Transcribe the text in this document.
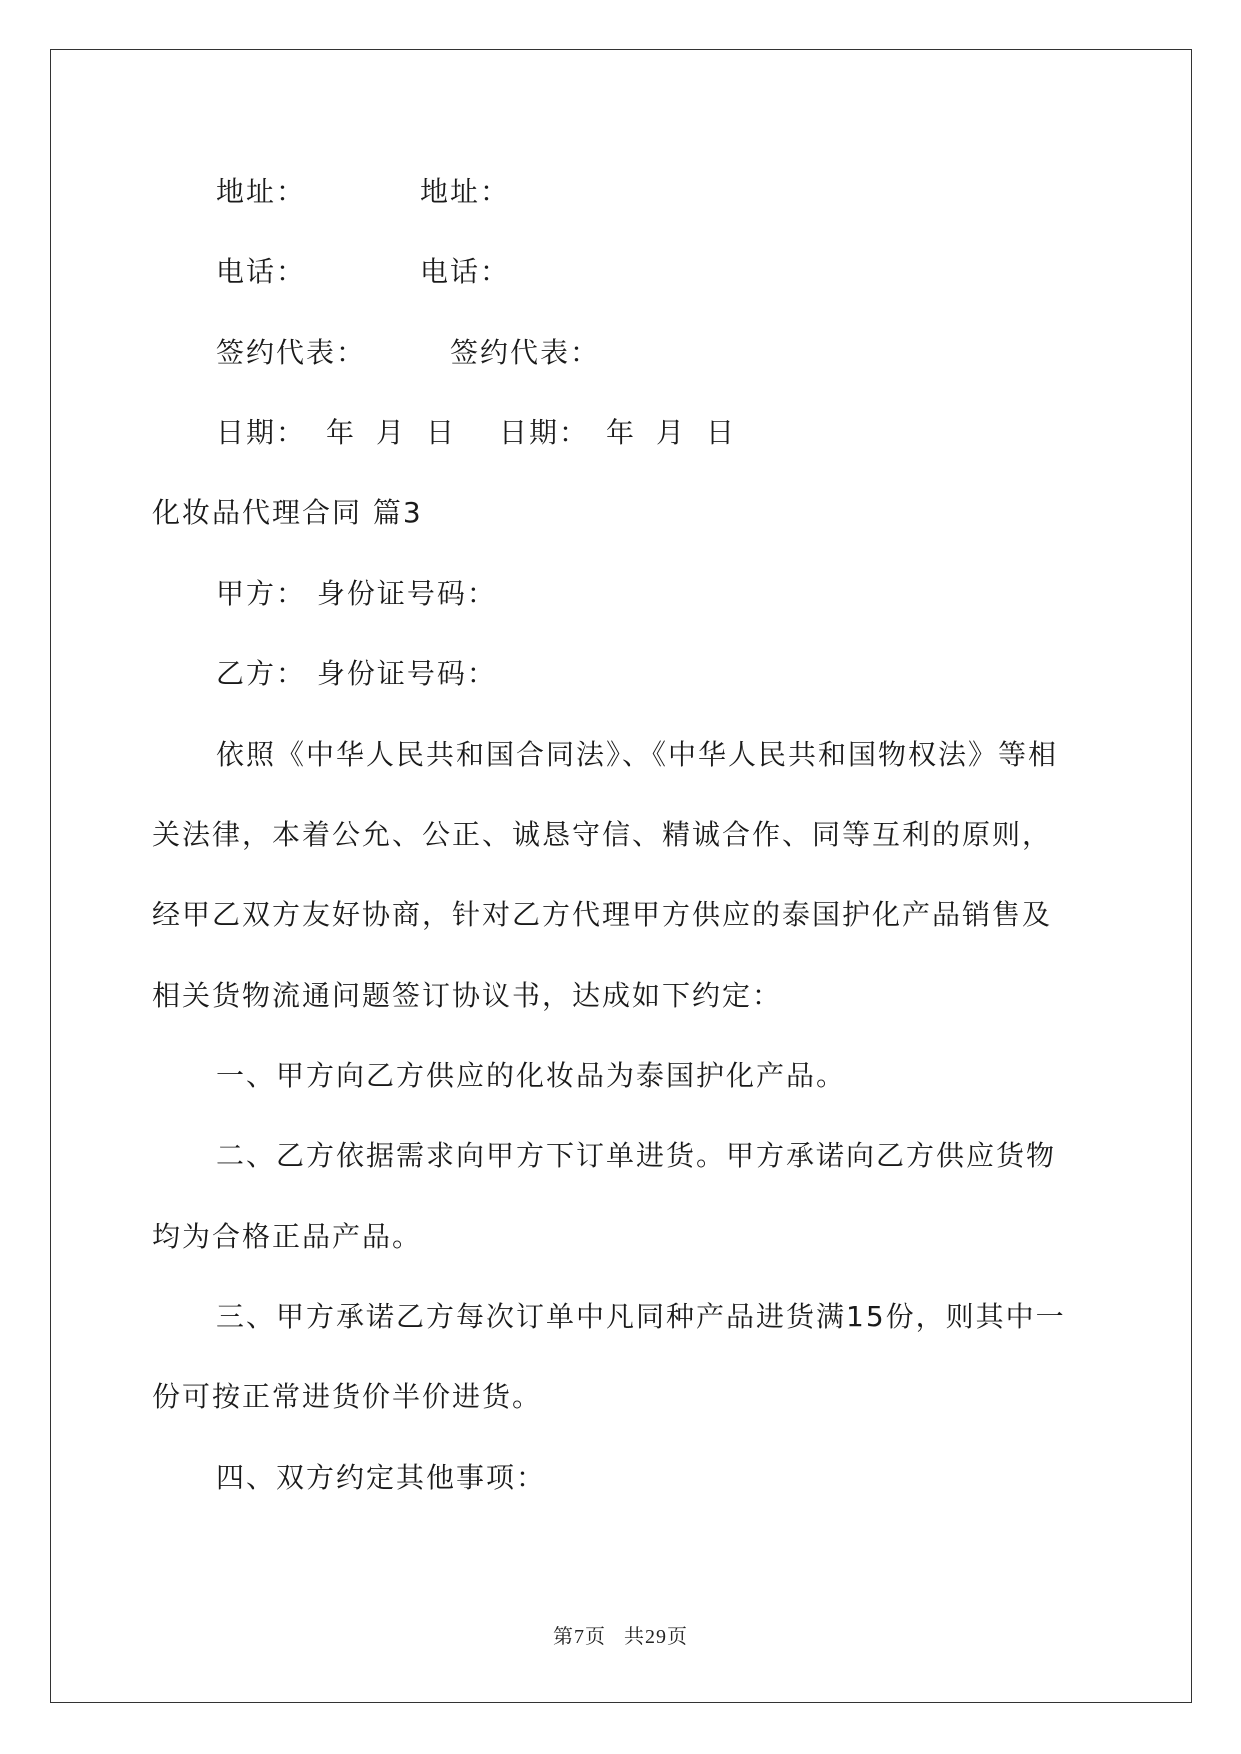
地址：	地址：
电话：	电话：
签约代表：	签约代表：
日期： 年 月 日 日期： 年 月 日
化妆品代理合同 篇3
甲方： 身份证号码：
乙方： 身份证号码：
依照《中华人民共和国合同法》、《中华人民共和国物权法》等相
关法律，本着公允、公正、诚恳守信、精诚合作、同等互利的原则，
经甲乙双方友好协商，针对乙方代理甲方供应的泰国护化产品销售及
相关货物流通问题签订协议书，达成如下约定：
一、甲方向乙方供应的化妆品为泰国护化产品。
二、乙方依据需求向甲方下订单进货。甲方承诺向乙方供应货物
均为合格正品产品。
三、甲方承诺乙方每次订单中凡同种产品进货满15份，则其中一
份可按正常进货价半价进货。
四、双方约定其他事项：
第7页 共29页
